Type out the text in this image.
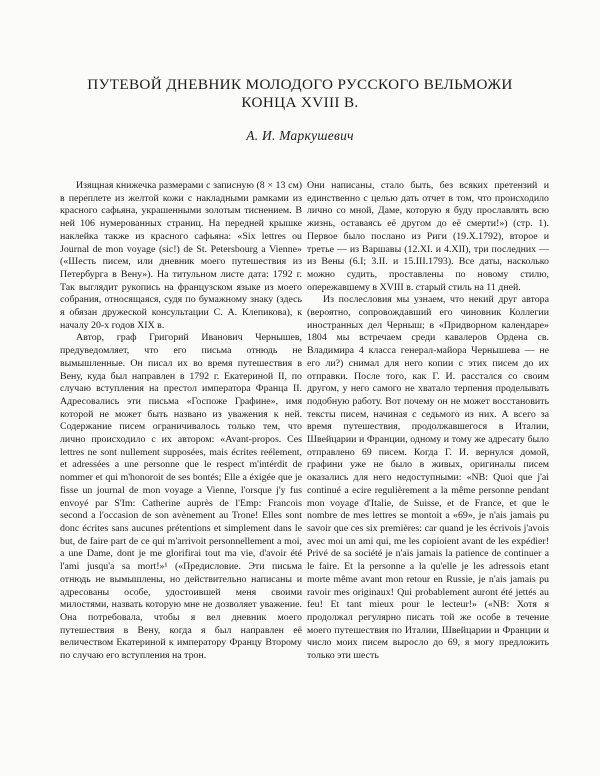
ПУТЕВОЙ ДНЕВНИК МОЛОДОГО РУССКОГО ВЕЛЬМОЖИ
КОНЦА XVIII В.
А. И. Маркушевич

Изящная книжечка размерами с записную (8 × 13 см) в переплете из желтой кожи с накладными рамками из красного сафьяна, украшенными золотым тиснением. В ней 106 нумерованных страниц. На передней крышке наклейка также из красного сафьяна: «Six lettres ou Journal de mon voyage (sic!) de St. Petersbourg a Vienne» («Шесть писем, или дневник моего путешествия из Петербурга в Вену»). На титульном листе дата: 1792 г. Так выглядит рукопись на французском языке из моего собрания, относящаяся, судя по бумажному знаку (здесь я обязан дружеской консультации С. А. Клепикова), к началу 20-х годов XIX в.

Автор, граф Григорий Иванович Чернышев, предуведомляет, что его письма отнюдь не вымышленные. Он писал их во время путешествия в Вену, куда был направлен в 1792 г. Екатериной II, по случаю вступления на престол императора Франца II. Адресовались эти письма «Госпоже Графине», имя которой не может быть названо из уважения к ней. Содержание писем ограничивалось только тем, что лично происходило с их автором: «Avant-propos. Ces lettres ne sont nullement supposées, mais écrites reélement, et adressées a une personne que le respect m'intérdit de nommer et qui m'honoroit de ses bontés; Elle a éxigée que je fisse un journal de mon voyage a Vienne, l'orsque j'y fus envoyé par S'Im: Catherine auprès de l'Emp: Francois second a l'occasion de son avènement au Trone! Elles sont donc écrites sans aucunes prétentions et simplement dans le but, de faire part de ce qui m'arrivoit personnellement a moi, a une Dame, dont je me glorifirai tout ma vie, d'avoir été l'ami jusqu'a sa mort!»¹ («Предисловие. Эти письма отнюдь не вымышлены, но действительно написаны и адресованы особе, удостоившей меня своими милостями, назвать которую мне не дозволяет уважение. Она потребовала, чтобы я вел дневник моего путешествия в Вену, когда я был направлен её величеством Екатериной к императору Францу Второму по случаю его вступления на трон.

Они написаны, стало быть, без всяких претензий и единственно с целью дать отчет в том, что происходило лично со мной, Даме, которую я буду прославлять всю жизнь, оставаясь её другом до её смерти!») (стр. 1). Первое было послано из Риги (19.X.1792), второе и третье — из Варшавы (12.XI. и 4.XII), три последних — из Вены (6.I; 3.II. и 15.III.1793). Все даты, насколько можно судить, проставлены по новому стилю, опережавшему в XVIII в. старый стиль на 11 дней.

Из послесловия мы узнаем, что некий друг автора (вероятно, сопровождавший его чиновник Коллегии иностранных дел Черныш; в «Придворном календаре» 1804 мы встречаем среди кавалеров Ордена св. Владимира 4 класса генерал-майора Чернышева — не его ли?) снимал для него копии с этих писем до их отправки. После того, как Г. И. расстался со своим другом, у него самого не хватало терпения проделывать подобную работу. Вот почему он не может восстановить тексты писем, начиная с седьмого из них. А всего за время путешествия, продолжавшегося в Италии, Швейцарии и Франции, одному и тому же адресату было отправлено 69 писем. Когда Г. И. вернулся домой, графини уже не было в живых, оригиналы писем оказались для него недоступными: «NB: Quoi que j'ai continué a ecire regulièrement a la même personne pendant mon voyage d'Italie, de Suisse, et de France, et que le nombre de mes lettres se montoit a «69», je n'ais jamais pu savoir que ces six premières: car quand je les écrivois j'avois avec moi un ami qui, me les copioient avant de les expédier! Privé de sa société je n'ais jamais la patience de continuer a le faire. Et la personne a la qu'elle je les adressois etant morte même avant mon retour en Russie, je n'ais jamais pu ravoir mes originaux! Qui probablement auront été jettés au feu! Et tant mieux pour le lecteur!» («NB: Хотя я продолжал регулярно писать той же особе в течение моего путешествия по Италии, Швейцарии и Франции и число моих писем выросло до 69, я могу предложить только эти шесть
